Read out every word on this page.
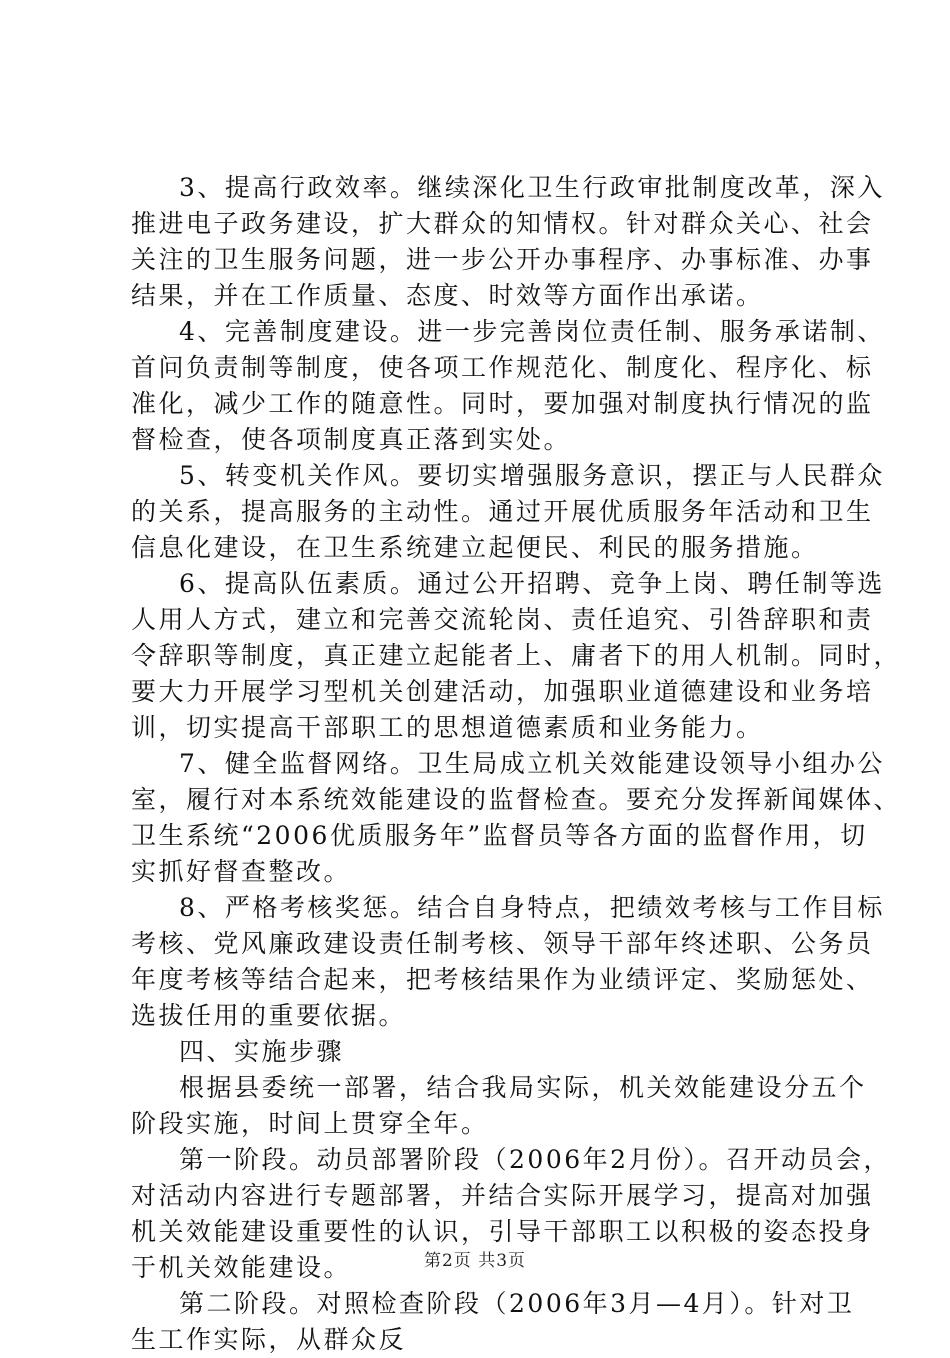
3、提高行政效率。继续深化卫生行政审批制度改革，深入
推进电子政务建设，扩大群众的知情权。针对群众关心、社会
关注的卫生服务问题，进一步公开办事程序、办事标准、办事
结果，并在工作质量、态度、时效等方面作出承诺。
4、完善制度建设。进一步完善岗位责任制、服务承诺制、
首问负责制等制度，使各项工作规范化、制度化、程序化、标
准化，减少工作的随意性。同时，要加强对制度执行情况的监
督检查，使各项制度真正落到实处。
5、转变机关作风。要切实增强服务意识，摆正与人民群众
的关系，提高服务的主动性。通过开展优质服务年活动和卫生
信息化建设，在卫生系统建立起便民、利民的服务措施。
6、提高队伍素质。通过公开招聘、竞争上岗、聘任制等选
人用人方式，建立和完善交流轮岗、责任追究、引咎辞职和责
令辞职等制度，真正建立起能者上、庸者下的用人机制。同时，
要大力开展学习型机关创建活动，加强职业道德建设和业务培
训，切实提高干部职工的思想道德素质和业务能力。
7、健全监督网络。卫生局成立机关效能建设领导小组办公
室，履行对本系统效能建设的监督检查。要充分发挥新闻媒体、
卫生系统“2006优质服务年”监督员等各方面的监督作用，切
实抓好督查整改。
8、严格考核奖惩。结合自身特点，把绩效考核与工作目标
考核、党风廉政建设责任制考核、领导干部年终述职、公务员
年度考核等结合起来，把考核结果作为业绩评定、奖励惩处、
选拔任用的重要依据。
四、实施步骤
根据县委统一部署，结合我局实际，机关效能建设分五个
阶段实施，时间上贯穿全年。
第一阶段。动员部署阶段（2006年2月份）。召开动员会，
对活动内容进行专题部署，并结合实际开展学习，提高对加强
机关效能建设重要性的认识，引导干部职工以积极的姿态投身
于机关效能建设。
第二阶段。对照检查阶段（2006年3月—4月）。针对卫
生工作实际，从群众反
第2页 共3页
